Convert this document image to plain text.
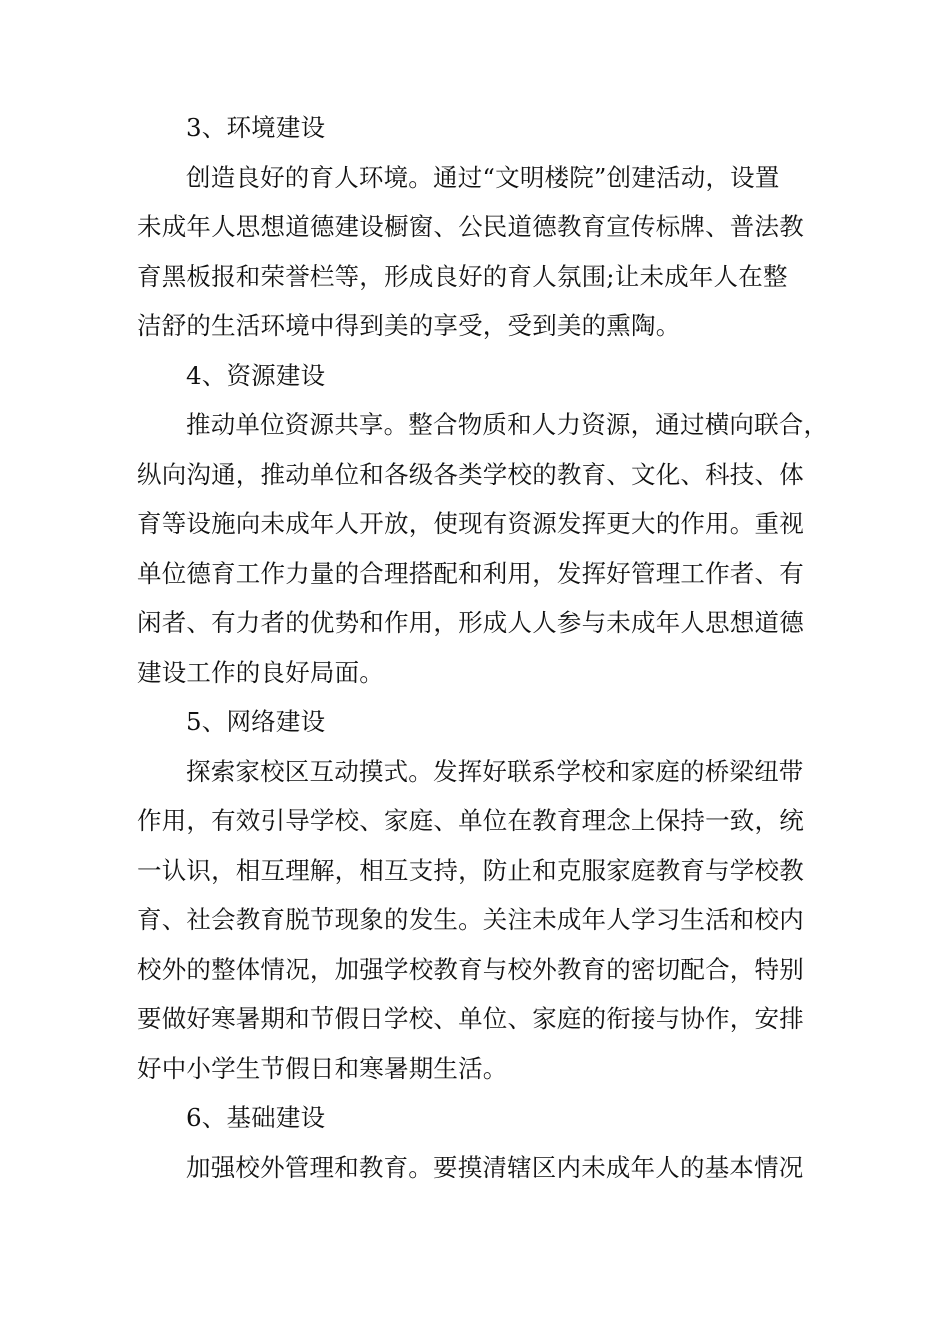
3、环境建设
创造良好的育人环境。通过“文明楼院”创建活动，设置
未成年人思想道德建设橱窗、公民道德教育宣传标牌、普法教
育黑板报和荣誉栏等，形成良好的育人氛围;让未成年人在整
洁舒的生活环境中得到美的享受，受到美的熏陶。
4、资源建设
推动单位资源共享。整合物质和人力资源，通过横向联合，
纵向沟通，推动单位和各级各类学校的教育、文化、科技、体
育等设施向未成年人开放，使现有资源发挥更大的作用。重视
单位德育工作力量的合理搭配和利用，发挥好管理工作者、有
闲者、有力者的优势和作用，形成人人参与未成年人思想道德
建设工作的良好局面。
5、网络建设
探索家校区互动摸式。发挥好联系学校和家庭的桥梁纽带
作用，有效引导学校、家庭、单位在教育理念上保持一致，统
一认识，相互理解，相互支持，防止和克服家庭教育与学校教
育、社会教育脱节现象的发生。关注未成年人学习生活和校内
校外的整体情况，加强学校教育与校外教育的密切配合，特别
要做好寒暑期和节假日学校、单位、家庭的衔接与协作，安排
好中小学生节假日和寒暑期生活。
6、基础建设
加强校外管理和教育。要摸清辖区内未成年人的基本情况
